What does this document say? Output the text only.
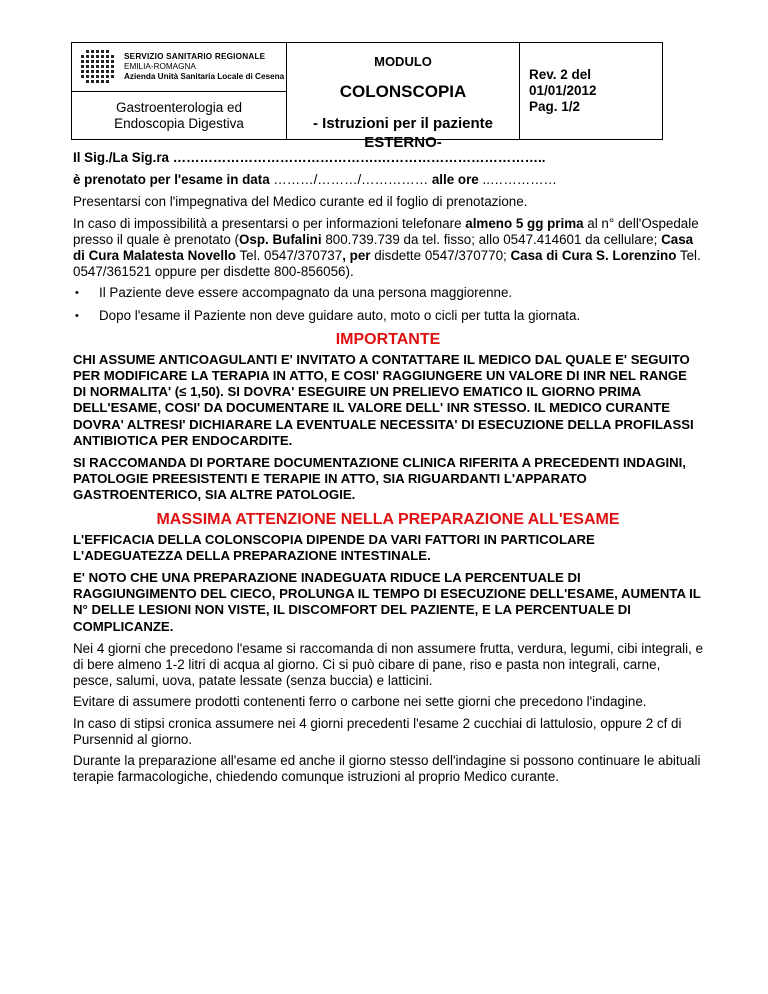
SERVIZIO SANITARIO REGIONALE
EMILIA-ROMAGNA
Azienda Unità Sanitaria Locale di Cesena
Gastroenterologia ed
Endoscopia Digestiva
MODULO
COLONSCOPIA
- Istruzioni per il paziente
ESTERNO-
Rev. 2 del
01/01/2012
Pag. 1/2

Il Sig./La Sig.ra ……………………………………….………………………………..

è prenotato per l'esame in data ………/………/…………… alle ore ..……………

Presentarsi con l'impegnativa del Medico curante ed il foglio di prenotazione.

In caso di impossibilità a presentarsi o per informazioni telefonare almeno 5 gg prima al n° dell'Ospedale presso il quale è prenotato (Osp. Bufalini 800.739.739 da tel. fisso; allo 0547.414601 da cellulare; Casa di Cura Malatesta Novello Tel. 0547/370737, per disdette 0547/370770; Casa di Cura S. Lorenzino Tel. 0547/361521 oppure per disdette 800-856056).

• Il Paziente deve essere accompagnato da una persona maggiorenne.
• Dopo l'esame il Paziente non deve guidare auto, moto o cicli per tutta la giornata.
IMPORTANTE

CHI ASSUME ANTICOAGULANTI E' INVITATO A CONTATTARE IL MEDICO DAL QUALE E' SEGUITO PER MODIFICARE LA TERAPIA IN ATTO, E COSI' RAGGIUNGERE UN VALORE DI INR NEL RANGE DI NORMALITA' (≤ 1,50). SI DOVRA' ESEGUIRE UN PRELIEVO EMATICO IL GIORNO PRIMA DELL'ESAME, COSI' DA DOCUMENTARE IL VALORE DELL' INR STESSO. IL MEDICO CURANTE DOVRA' ALTRESI' DICHIARARE LA EVENTUALE NECESSITA' DI ESECUZIONE DELLA PROFILASSI ANTIBIOTICA PER ENDOCARDITE.

SI RACCOMANDA DI PORTARE DOCUMENTAZIONE CLINICA RIFERITA A PRECEDENTI INDAGINI, PATOLOGIE PREESISTENTI E TERAPIE IN ATTO, SIA RIGUARDANTI L'APPARATO GASTROENTERICO, SIA ALTRE PATOLOGIE.

MASSIMA ATTENZIONE NELLA PREPARAZIONE ALL'ESAME

L'EFFICACIA DELLA COLONSCOPIA DIPENDE DA VARI FATTORI IN PARTICOLARE L'ADEGUATEZZA DELLA PREPARAZIONE INTESTINALE.

E' NOTO CHE UNA PREPARAZIONE INADEGUATA RIDUCE LA PERCENTUALE DI RAGGIUNGIMENTO DEL CIECO, PROLUNGA IL TEMPO DI ESECUZIONE DELL'ESAME, AUMENTA IL N° DELLE LESIONI NON VISTE, IL DISCOMFORT DEL PAZIENTE, E LA PERCENTUALE DI COMPLICANZE.

Nei 4 giorni che precedono l'esame si raccomanda di non assumere frutta, verdura, legumi, cibi integrali, e di bere almeno 1-2 litri di acqua al giorno. Ci si può cibare di pane, riso e pasta non integrali, carne, pesce, salumi, uova, patate lessate (senza buccia) e latticini.

Evitare di assumere prodotti contenenti ferro o carbone nei sette giorni che precedono l'indagine.

In caso di stipsi cronica assumere nei 4 giorni precedenti l'esame 2 cucchiai di lattulosio, oppure 2 cf di Pursennid al giorno.

Durante la preparazione all'esame ed anche il giorno stesso dell'indagine si possono continuare le abituali terapie farmacologiche, chiedendo comunque istruzioni al proprio Medico curante.
